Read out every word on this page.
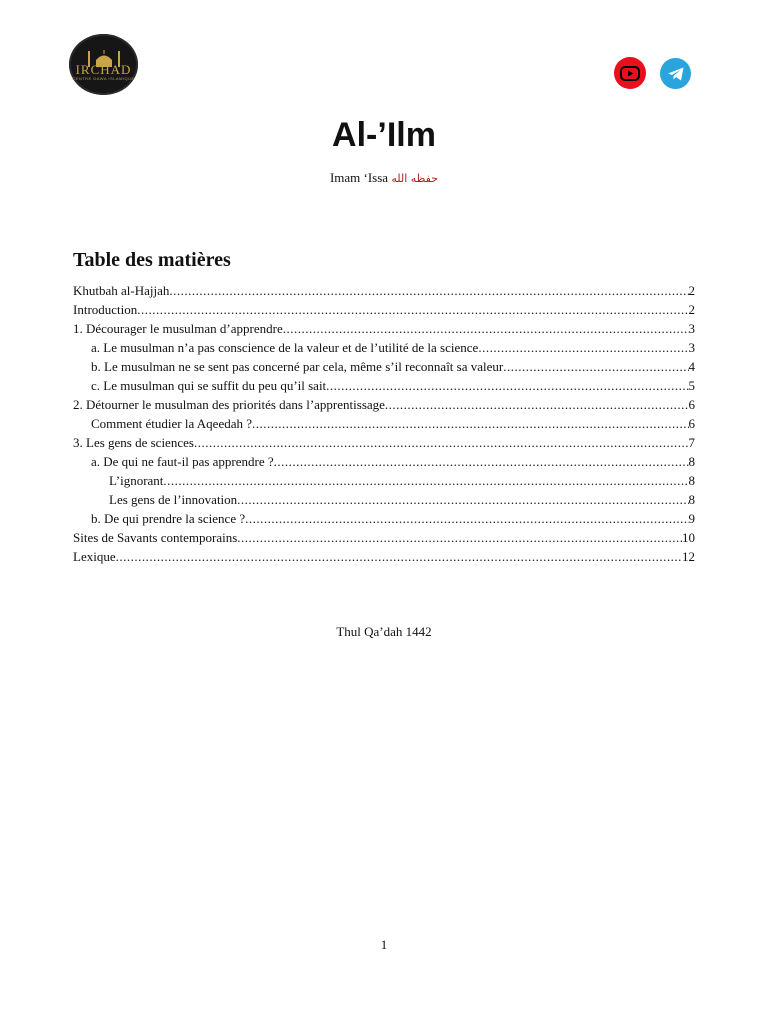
IRCHAD
CENTRE DAWA ISLAMIQUE
Al-’Ilm
Imam ‘Issa حفظه الله
Table des matières
Khutbah al-Hajjah .....	2
Introduction .....	2
1. Décourager le musulman d’apprendre .....	3
a. Le musulman n’a pas conscience de la valeur et de l’utilité de la science .....	3
b. Le musulman ne se sent pas concerné par cela, même s’il reconnaît sa valeur .....	4
c. Le musulman qui se suffit du peu qu’il sait .....	5
2. Détourner le musulman des priorités dans l’apprentissage .....	6
Comment étudier la Aqeedah ? .....	6
3. Les gens de sciences .....	7
a. De qui ne faut-il pas apprendre ? .....	8
L’ignorant .....	8
Les gens de l’innovation .....	8
b. De qui prendre la science ? .....	9
Sites de Savants contemporains .....	10
Lexique .....	12
Thul Qa’dah 1442
1
